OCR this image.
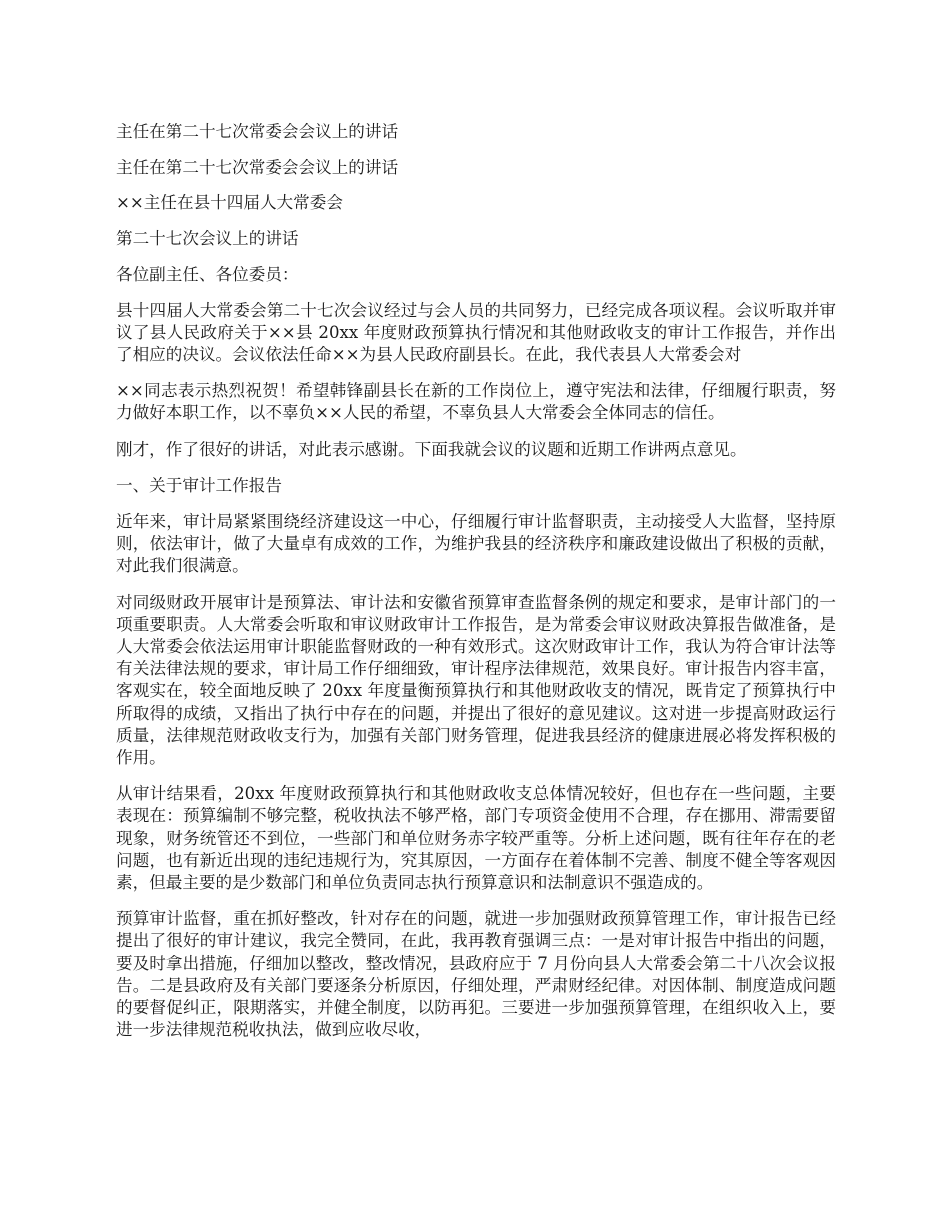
主任在第二十七次常委会会议上的讲话

主任在第二十七次常委会会议上的讲话

××主任在县十四届人大常委会

第二十七次会议上的讲话

各位副主任、各位委员：

县十四届人大常委会第二十七次会议经过与会人员的共同努力，已经完成各项议程。会议听取并审议了县人民政府关于××县 20xx 年度财政预算执行情况和其他财政收支的审计工作报告，并作出了相应的决议。会议依法任命××为县人民政府副县长。在此，我代表县人大常委会对

××同志表示热烈祝贺！希望韩锋副县长在新的工作岗位上，遵守宪法和法律，仔细履行职责，努力做好本职工作，以不辜负××人民的希望，不辜负县人大常委会全体同志的信任。

刚才，作了很好的讲话，对此表示感谢。下面我就会议的议题和近期工作讲两点意见。

一、关于审计工作报告

近年来，审计局紧紧围绕经济建设这一中心，仔细履行审计监督职责，主动接受人大监督，坚持原则，依法审计，做了大量卓有成效的工作，为维护我县的经济秩序和廉政建设做出了积极的贡献，对此我们很满意。

对同级财政开展审计是预算法、审计法和安徽省预算审查监督条例的规定和要求，是审计部门的一项重要职责。人大常委会听取和审议财政审计工作报告，是为常委会审议财政决算报告做准备，是人大常委会依法运用审计职能监督财政的一种有效形式。这次财政审计工作，我认为符合审计法等有关法律法规的要求，审计局工作仔细细致，审计程序法律规范，效果良好。审计报告内容丰富，客观实在，较全面地反映了 20xx 年度量衡预算执行和其他财政收支的情况，既肯定了预算执行中所取得的成绩，又指出了执行中存在的问题，并提出了很好的意见建议。这对进一步提高财政运行质量，法律规范财政收支行为，加强有关部门财务管理，促进我县经济的健康进展必将发挥积极的作用。

从审计结果看，20xx 年度财政预算执行和其他财政收支总体情况较好，但也存在一些问题，主要表现在：预算编制不够完整，税收执法不够严格，部门专项资金使用不合理，存在挪用、滞需要留现象，财务统管还不到位，一些部门和单位财务赤字较严重等。分析上述问题，既有往年存在的老问题，也有新近出现的违纪违规行为，究其原因，一方面存在着体制不完善、制度不健全等客观因素，但最主要的是少数部门和单位负责同志执行预算意识和法制意识不强造成的。

预算审计监督，重在抓好整改，针对存在的问题，就进一步加强财政预算管理工作，审计报告已经提出了很好的审计建议，我完全赞同，在此，我再教育强调三点：一是对审计报告中指出的问题，要及时拿出措施，仔细加以整改，整改情况，县政府应于 7 月份向县人大常委会第二十八次会议报告。二是县政府及有关部门要逐条分析原因，仔细处理，严肃财经纪律。对因体制、制度造成问题的要督促纠正，限期落实，并健全制度，以防再犯。三要进一步加强预算管理，在组织收入上，要进一步法律规范税收执法，做到应收尽收，
